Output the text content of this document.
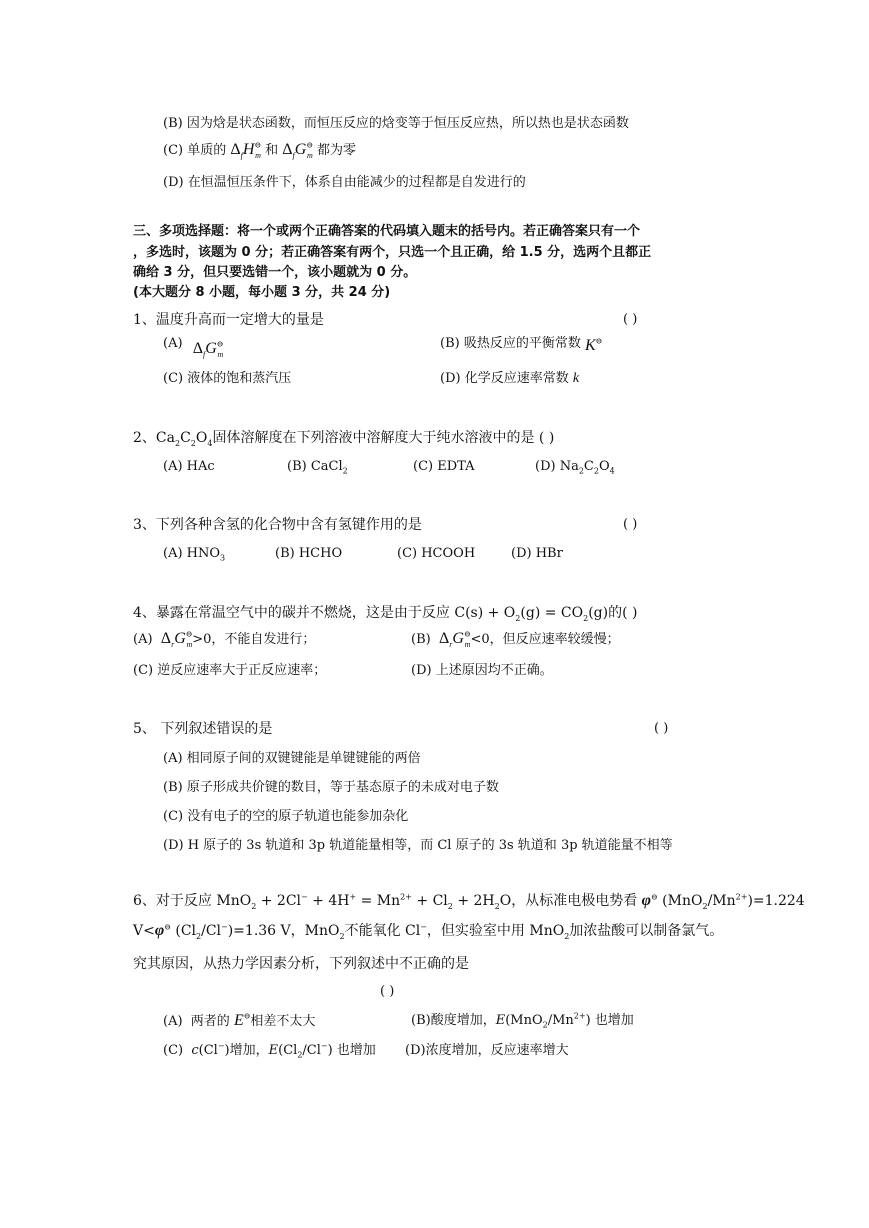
(B) 因为焓是状态函数，而恒压反应的焓变等于恒压反应热，所以热也是状态函数
(C) 单质的 $\Delta_fH^⊖_m$ 和 $\Delta_fG^⊖_m$ 都为零
(D) 在恒温恒压条件下，体系自由能减少的过程都是自发进行的
三、多项选择题：将一个或两个正确答案的代码填入题末的括号内。若正确答案只有一个
，多选时，该题为 0 分；若正确答案有两个，只选一个且正确，给 1.5 分，选两个且都正
确给 3 分，但只要选错一个，该小题就为 0 分。
(本大题分 8 小题，每小题 3 分，共 24 分)
1、温度升高而一定增大的量是	( )
(A) $\Delta_fG^⊖_m$
(B) 吸热反应的平衡常数 K⊖
(C) 液体的饱和蒸汽压	(D) 化学反应速率常数 k
2、$Ca_2C_2O_4$固体溶解度在下列溶液中溶解度大于纯水溶液中的是 ( )
(A) HAc	(B) CaCl$_2$	(C) EDTA	(D) $Na_2C_2O_4$
3、下列各种含氢的化合物中含有氢键作用的是	( )
(A) $HNO_3$	(B) HCHO	(C) HCOOH	(D) HBr
4、暴露在常温空气中的碳并不燃烧，这是由于反应 $C(s) + O_2(g) = CO_2(g)$的( )
(A)  $\Delta_rG^⊖_m>0$，不能自发进行；	(B)  $\Delta_rG^⊖_m<0$，但反应速率较缓慢；
(C) 逆反应速率大于正反应速率；	(D) 上述原因均不正确。
5、 下列叙述错误的是	( )
(A) 相同原子间的双键键能是单键键能的两倍
(B) 原子形成共价键的数目，等于基态原子的未成对电子数
(C) 没有电子的空的原子轨道也能参加杂化
(D) H 原子的 3s 轨道和 3p 轨道能量相等，而 Cl 原子的 3s 轨道和 3p 轨道能量不相等
6、对于反应 $MnO_2 + 2Cl^- + 4H^+ = Mn^{2+} + Cl_2 + 2H_2O$，从标准电极电势看 φ⊖ $(MnO_2/Mn^{2+})=1.224$
V<φ⊖ $(Cl_2/Cl^-)=1.36$ V，MnO$_2$不能氧化 Cl−，但实验室中用 MnO$_2$加浓盐酸可以制备氯气。
究其原因，从热力学因素分析，下列叙述中不正确的是
( )
(A)  两者的 E⊖相差不太大	(B)酸度增加，$E(MnO_2/Mn^{2+})$ 也增加
(C)  c(Cl−)增加，$E(Cl_2/Cl^-)$ 也增加 (D)浓度增加，反应速率增大
